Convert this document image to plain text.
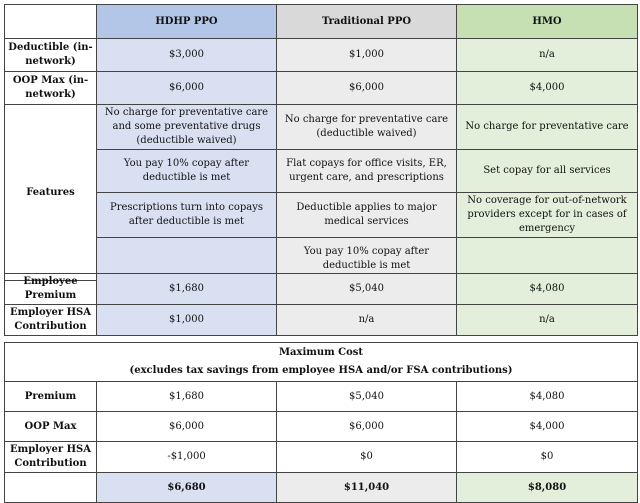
	HDHP PPO	Traditional PPO	HMO
Deductible (in-network)	$3,000	$1,000	n/a
OOP Max (in-network)	$6,000	$6,000	$4,000
Features	No charge for preventative care and some preventative drugs (deductible waived)	No charge for preventative care (deductible waived)	No charge for preventative care
	You pay 10% copay after deductible is met	Flat copays for office visits, ER, urgent care, and prescriptions	Set copay for all services
	Prescriptions turn into copays after deductible is met	Deductible applies to major medical services	No coverage for out-of-network providers except for in cases of emergency
		You pay 10% copay after deductible is met	
Employee Premium	$1,680	$5,040	$4,080
Employer HSA Contribution	$1,000	n/a	n/a
Maximum Cost
(excludes tax savings from employee HSA and/or FSA contributions)			

Premium	$1,680	$5,040	$4,080
OOP Max	$6,000	$6,000	$4,000
Employer HSA Contribution	-$1,000	$0	$0
	$6,680	$11,040	$8,080
